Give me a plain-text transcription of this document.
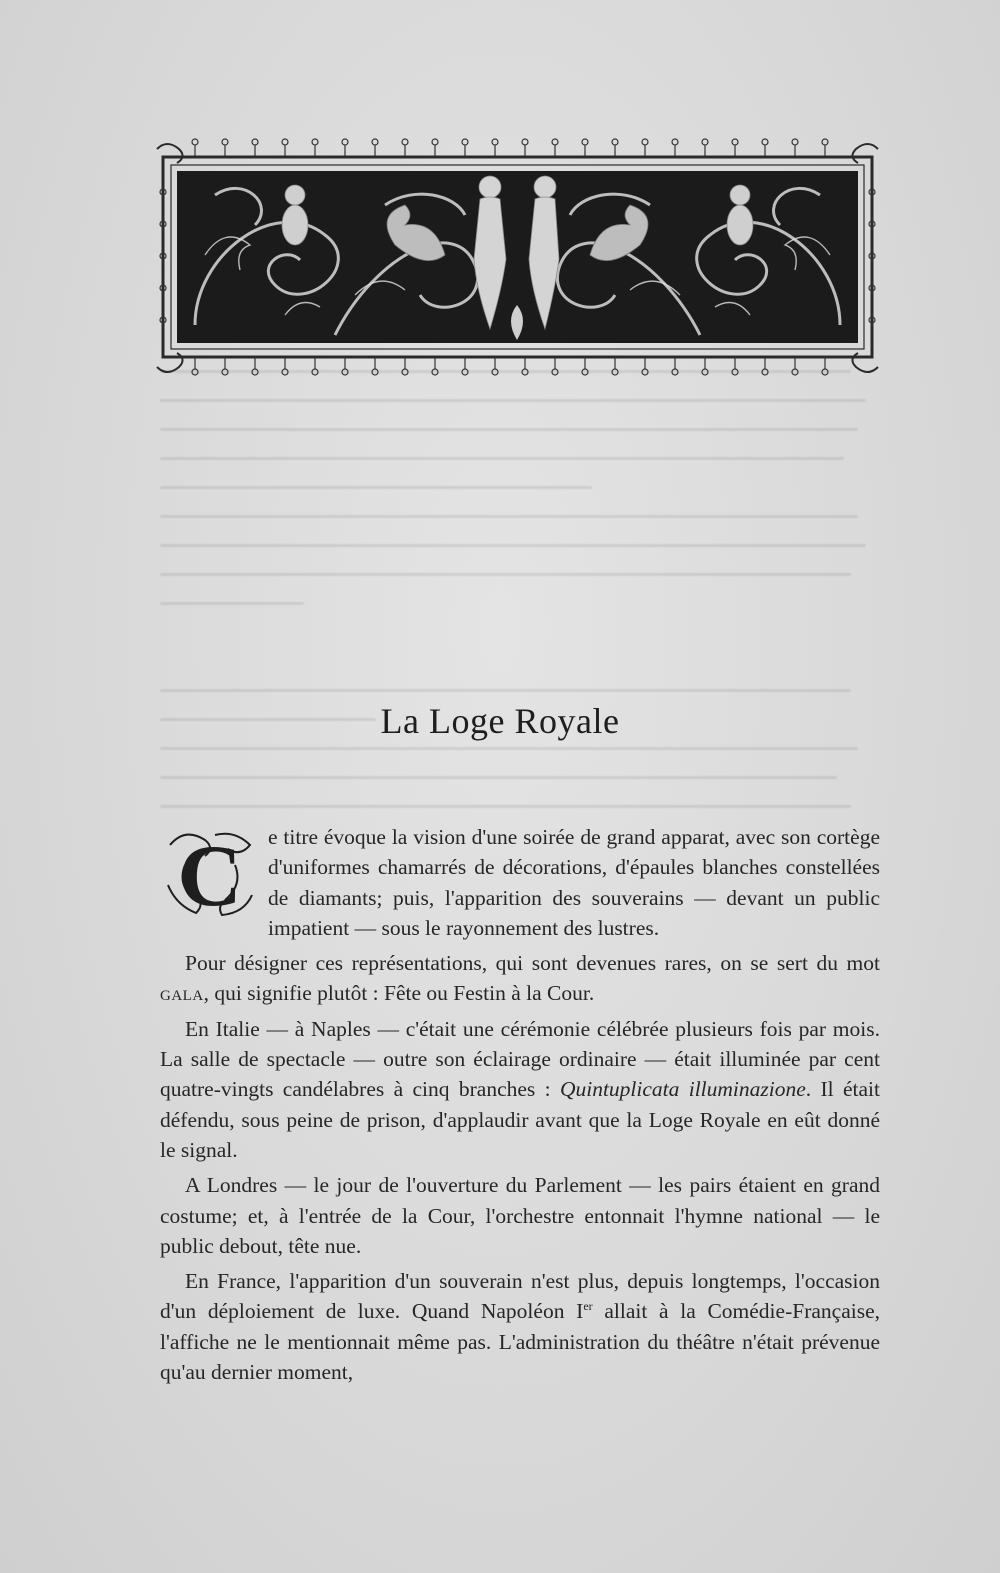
La Loge Royale
C	e titre évoque la vision d'une soirée de grand apparat, avec son cortège d'uniformes chamarrés de décorations, d'épaules blanches constellées de diamants; puis, l'apparition des souverains — devant un public impatient — sous le rayonnement des lustres.

Pour désigner ces représentations, qui sont devenues rares, on se sert du mot gala, qui signifie plutôt : Fête ou Festin à la Cour.

En Italie — à Naples — c'était une cérémonie célébrée plusieurs fois par mois. La salle de spectacle — outre son éclairage ordinaire — était illuminée par cent quatre-vingts candélabres à cinq branches : Quintuplicata illuminazione. Il était défendu, sous peine de prison, d'applaudir avant que la Loge Royale en eût donné le signal.

A Londres — le jour de l'ouverture du Parlement — les pairs étaient en grand costume; et, à l'entrée de la Cour, l'orchestre entonnait l'hymne national — le public debout, tête nue.

En France, l'apparition d'un souverain n'est plus, depuis longtemps, l'occasion d'un déploiement de luxe. Quand Napoléon Ier allait à la Comédie-Française, l'affiche ne le mentionnait même pas. L'administration du théâtre n'était prévenue qu'au dernier moment,
